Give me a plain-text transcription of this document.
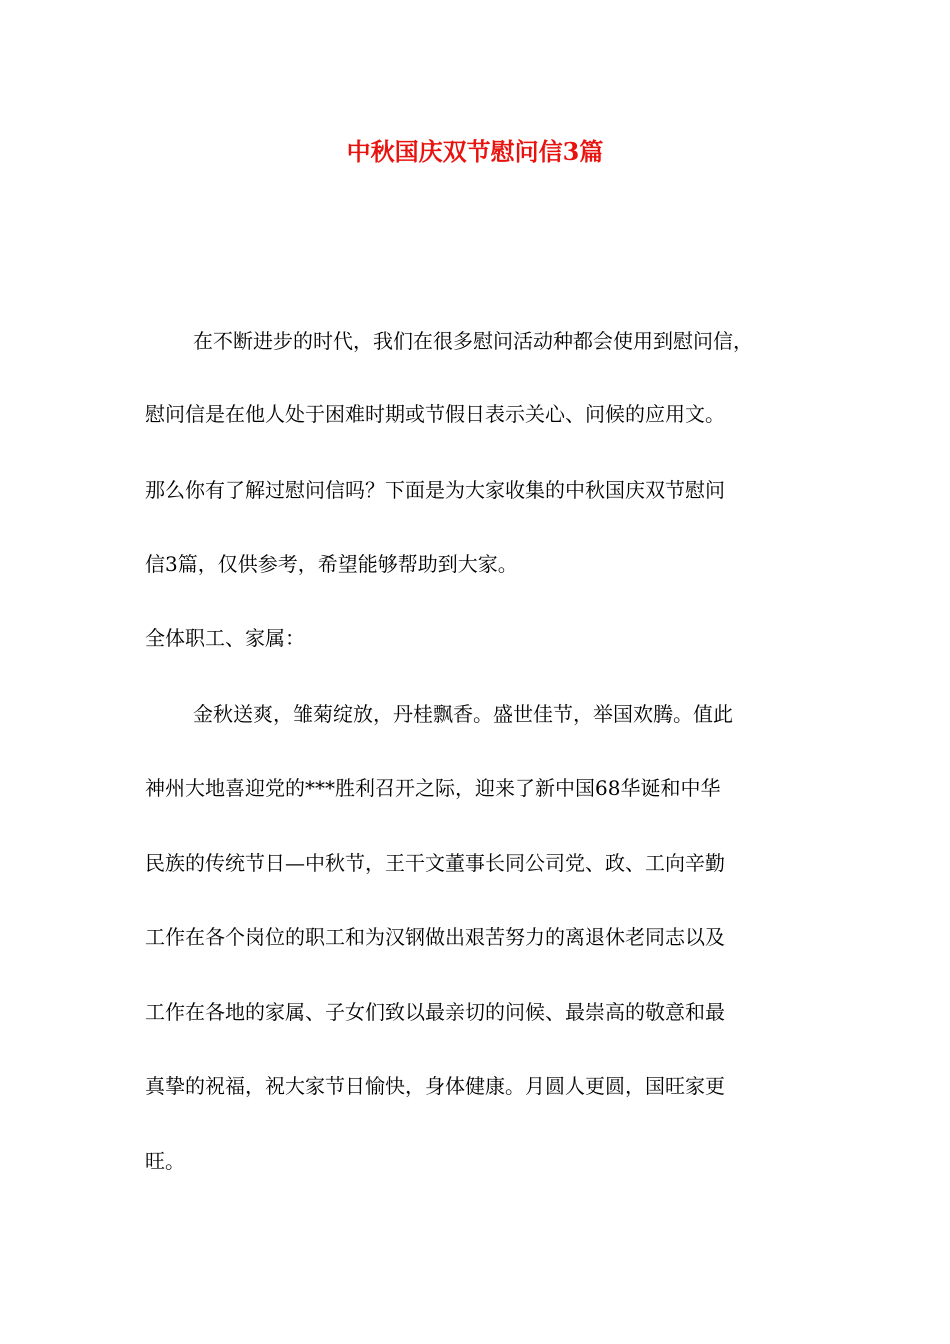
中秋国庆双节慰问信3篇
在不断进步的时代，我们在很多慰问活动种都会使用到慰问信，
慰问信是在他人处于困难时期或节假日表示关心、问候的应用文。
那么你有了解过慰问信吗？下面是为大家收集的中秋国庆双节慰问
信3篇，仅供参考，希望能够帮助到大家。
全体职工、家属：
金秋送爽，雏菊绽放，丹桂飘香。盛世佳节，举国欢腾。值此
神州大地喜迎党的***胜利召开之际，迎来了新中国68华诞和中华
民族的传统节日—中秋节，王干文董事长同公司党、政、工向辛勤
工作在各个岗位的职工和为汉钢做出艰苦努力的离退休老同志以及
工作在各地的家属、子女们致以最亲切的问候、最崇高的敬意和最
真挚的祝福，祝大家节日愉快，身体健康。月圆人更圆，国旺家更
旺。
